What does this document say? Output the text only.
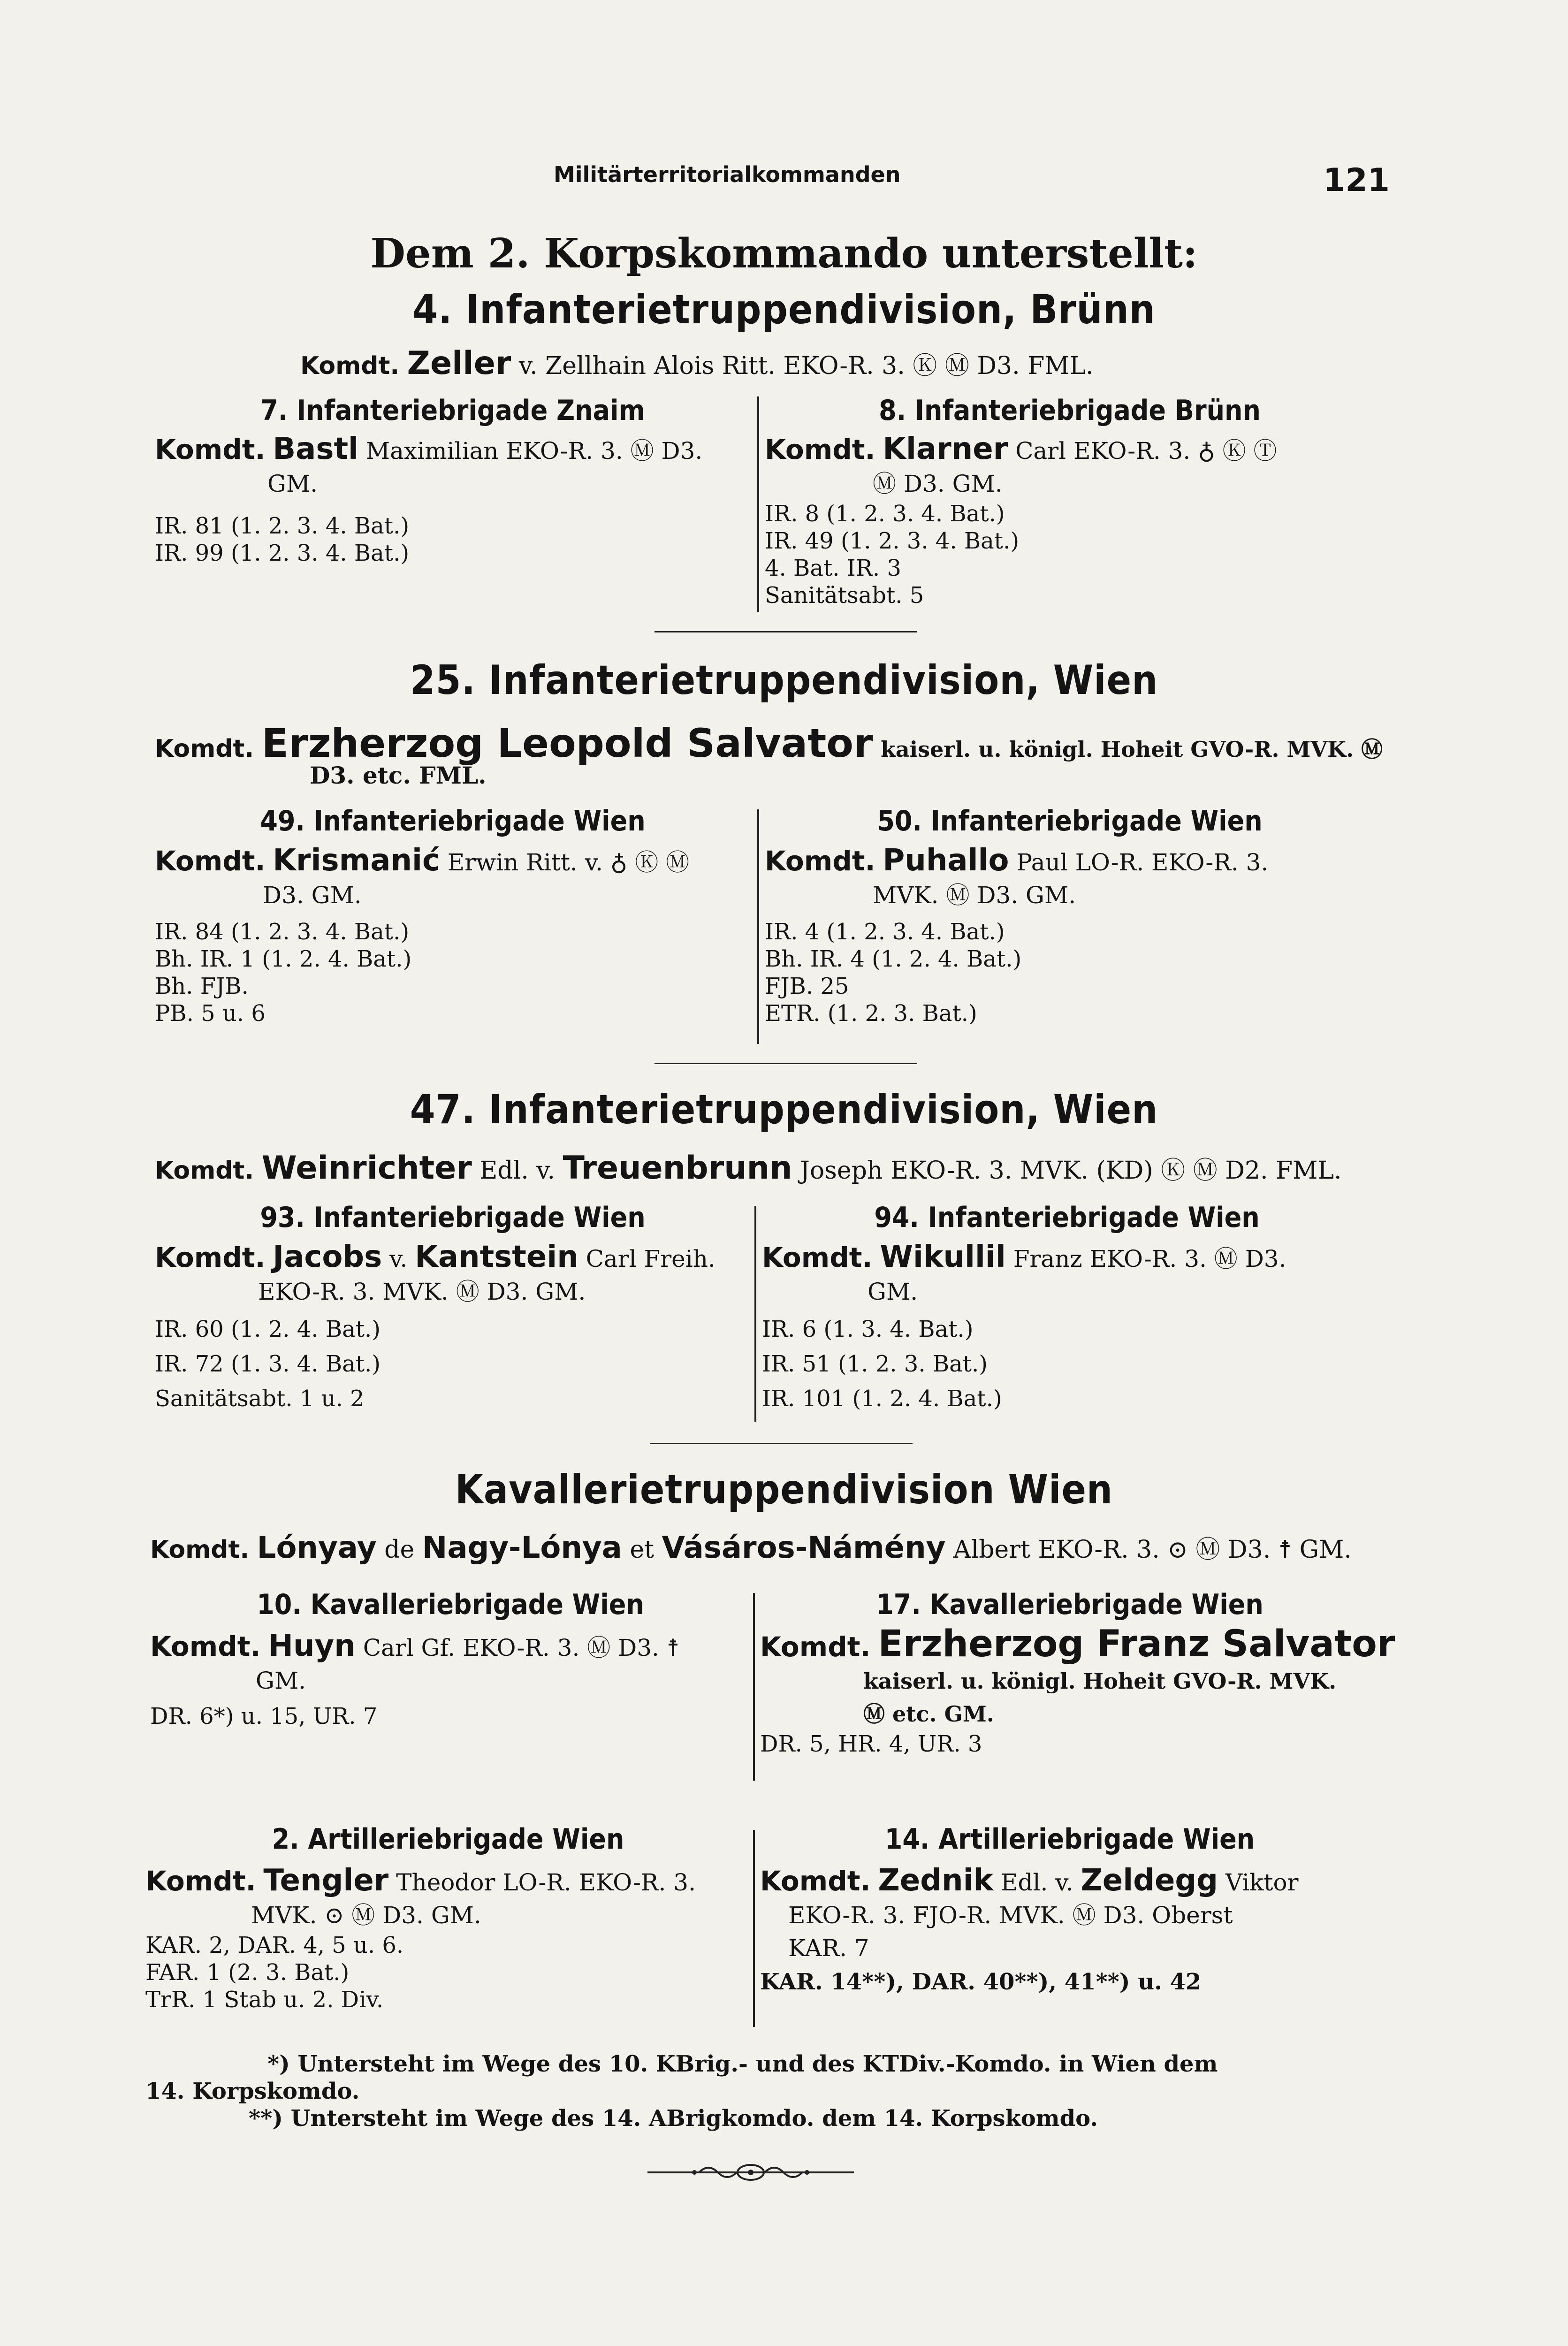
Militärterritorialkommanden	121
Dem 2. Korpskommando unterstellt:
4. Infanterietruppendivision, Brünn
Komdt. Zeller v. Zellhain Alois Ritt. EKO-R. 3. Ⓚ Ⓜ D3. FML.
7. Infanteriebrigade Znaim
Komdt. Bastl Maximilian EKO-R. 3. Ⓜ D3.
GM.
IR. 81 (1. 2. 3. 4. Bat.)
IR. 99 (1. 2. 3. 4. Bat.)
8. Infanteriebrigade Brünn
Komdt. Klarner Carl EKO-R. 3. ♁ Ⓚ Ⓣ
Ⓜ D3. GM.
IR. 8 (1. 2. 3. 4. Bat.)
IR. 49 (1. 2. 3. 4. Bat.)
4. Bat. IR. 3
Sanitätsabt. 5
25. Infanterietruppendivision, Wien
Komdt. Erzherzog Leopold Salvator kaiserl. u. königl. Hoheit GVO-R. MVK. Ⓜ
D3. etc. FML.
49. Infanteriebrigade Wien
Komdt. Krismanić Erwin Ritt. v. ♁ Ⓚ Ⓜ
D3. GM.
IR. 84 (1. 2. 3. 4. Bat.)
Bh. IR. 1 (1. 2. 4. Bat.)
Bh. FJB.
PB. 5 u. 6
50. Infanteriebrigade Wien
Komdt. Puhallo Paul LO-R. EKO-R. 3.
MVK. Ⓜ D3. GM.
IR. 4 (1. 2. 3. 4. Bat.)
Bh. IR. 4 (1. 2. 4. Bat.)
FJB. 25
ETR. (1. 2. 3. Bat.)
47. Infanterietruppendivision, Wien
Komdt. Weinrichter Edl. v. Treuenbrunn Joseph EKO-R. 3. MVK. (KD) Ⓚ Ⓜ D2. FML.
93. Infanteriebrigade Wien
Komdt. Jacobs v. Kantstein Carl Freih.
EKO-R. 3. MVK. Ⓜ D3. GM.
IR. 60 (1. 2. 4. Bat.)
IR. 72 (1. 3. 4. Bat.)
Sanitätsabt. 1 u. 2
94. Infanteriebrigade Wien
Komdt. Wikullil Franz EKO-R. 3. Ⓜ D3.
GM.
IR. 6 (1. 3. 4. Bat.)
IR. 51 (1. 2. 3. Bat.)
IR. 101 (1. 2. 4. Bat.)
Kavallerietruppendivision Wien
Komdt. Lónyay de Nagy-Lónya et Vásáros-Námény Albert EKO-R. 3. ⊙ Ⓜ D3. ☨ GM.
10. Kavalleriebrigade Wien
Komdt. Huyn Carl Gf. EKO-R. 3. Ⓜ D3. ☨
GM.
DR. 6*) u. 15, UR. 7
17. Kavalleriebrigade Wien
Komdt. Erzherzog Franz Salvator
kaiserl. u. königl. Hoheit GVO-R. MVK.
Ⓜ etc. GM.
DR. 5, HR. 4, UR. 3
2. Artilleriebrigade Wien
Komdt. Tengler Theodor LO-R. EKO-R. 3.
MVK. ⊙ Ⓜ D3. GM.
KAR. 2, DAR. 4, 5 u. 6.
FAR. 1 (2. 3. Bat.)
TrR. 1 Stab u. 2. Div.
14. Artilleriebrigade Wien
Komdt. Zednik Edl. v. Zeldegg Viktor
EKO-R. 3. FJO-R. MVK. Ⓜ D3. Oberst
KAR. 7
KAR. 14**), DAR. 40**), 41**) u. 42
*) Untersteht im Wege des 10. KBrig.- und des KTDiv.-Komdo. in Wien dem
14. Korpskomdo.
**) Untersteht im Wege des 14. ABrigkomdo. dem 14. Korpskomdo.
